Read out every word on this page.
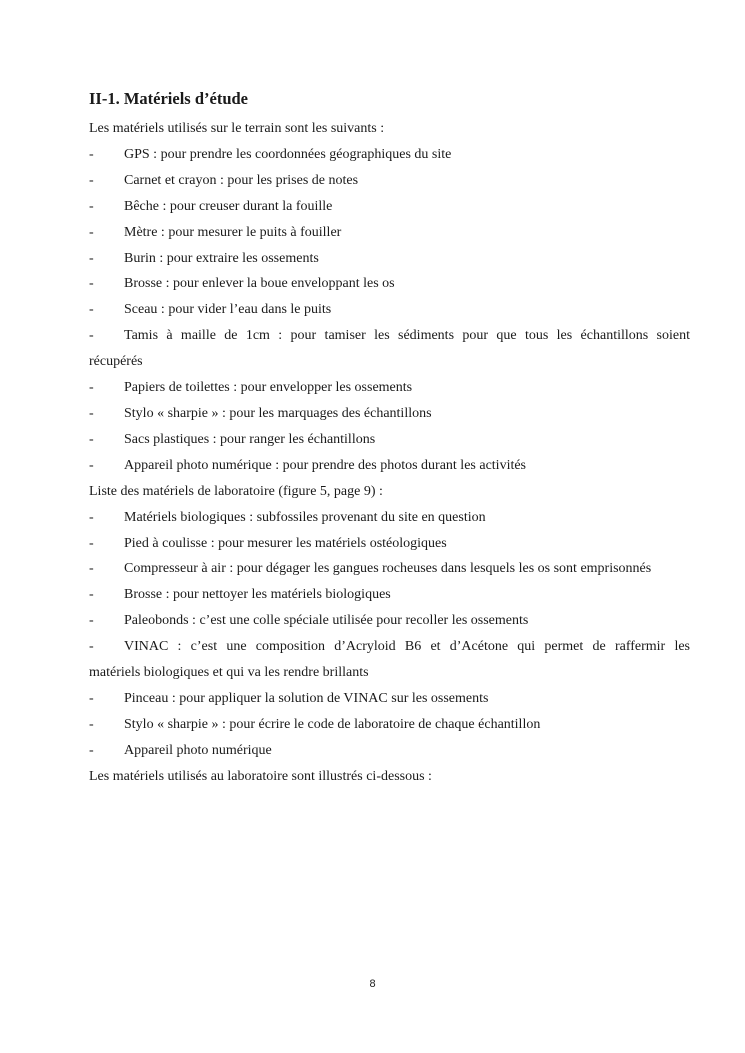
II-1. Matériels d’étude
Les matériels utilisés sur le terrain sont les suivants :
-	GPS : pour prendre les coordonnées géographiques du site
-	Carnet et crayon : pour les prises de notes
-	Bêche : pour creuser durant la fouille
-	Mètre : pour mesurer le puits à fouiller
-	Burin : pour extraire les ossements
-	Brosse : pour enlever la boue enveloppant les os
-	Sceau : pour vider l’eau dans le puits
- Tamis à maille de 1cm : pour tamiser les sédiments pour que tous les échantillons soient
récupérés
-	Papiers de toilettes : pour envelopper les ossements
-	Stylo « sharpie » : pour les marquages des échantillons
-	Sacs plastiques : pour ranger les échantillons
-	Appareil photo numérique : pour prendre des photos durant les activités
Liste des matériels de laboratoire (figure 5, page 9) :
-	Matériels biologiques : subfossiles provenant du site en question
-	Pied à coulisse : pour mesurer les matériels ostéologiques
-	Compresseur à air : pour dégager les gangues rocheuses dans lesquels les os sont emprisonnés
-	Brosse : pour nettoyer les matériels biologiques
-	Paleobonds : c’est une colle spéciale utilisée pour recoller les ossements
- VINAC : c’est une composition d’Acryloid B6 et d’Acétone qui permet de raffermir les
matériels biologiques et qui va les rendre brillants
-	Pinceau : pour appliquer la solution de VINAC sur les ossements
-	Stylo « sharpie » : pour écrire le code de laboratoire de chaque échantillon
-	Appareil photo numérique
Les matériels utilisés au laboratoire sont illustrés ci-dessous :
8
